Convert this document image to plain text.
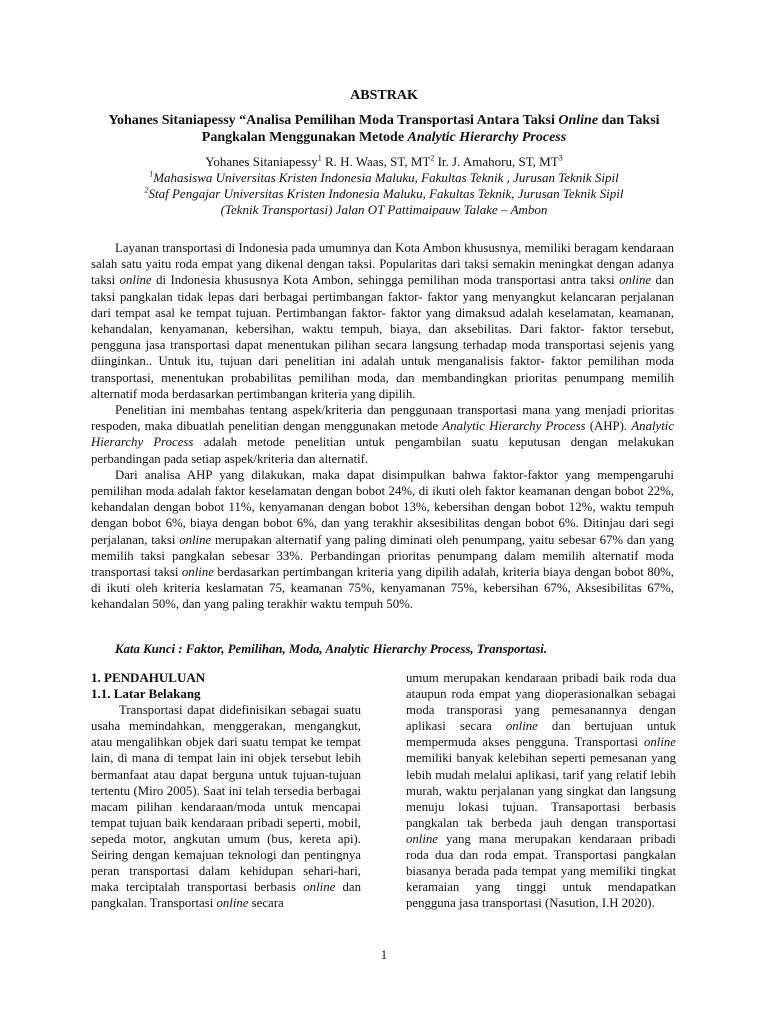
ABSTRAK
Yohanes Sitaniapessy “Analisa Pemilihan Moda Transportasi Antara Taksi Online dan Taksi Pangkalan Menggunakan Metode Analytic Hierarchy Process
Yohanes Sitaniapessy$^1$ R. H. Waas, ST, $MT^2$ Ir. J. Amahoru, ST, $MT^3$
$^1$Mahasiswa Universitas Kristen Indonesia Maluku, Fakultas Teknik , Jurusan Teknik Sipil
$^2$Staf Pengajar Universitas Kristen Indonesia Maluku, Fakultas Teknik, Jurusan Teknik Sipil
(Teknik Transportasi) Jalan OT Pattimaipauw Talake – Ambon

Layanan transportasi di Indonesia pada umumnya dan Kota Ambon khususnya, memiliki beragam kendaraan salah satu yaitu roda empat yang dikenal dengan taksi. Popularitas dari taksi semakin meningkat dengan adanya taksi online di Indonesia khususnya Kota Ambon, sehingga pemilihan moda transportasi antra taksi online dan taksi pangkalan tidak lepas dari berbagai pertimbangan faktor- faktor yang menyangkut kelancaran perjalanan dari tempat asal ke tempat tujuan. Pertimbangan faktor- faktor yang dimaksud adalah keselamatan, keamanan, kehandalan, kenyamanan, kebersihan, waktu tempuh, biaya, dan aksebilitas. Dari faktor- faktor tersebut, pengguna jasa transportasi dapat menentukan pilihan secara langsung terhadap moda transportasi sejenis yang diinginkan.. Untuk itu, tujuan dari penelitian ini adalah untuk menganalisis faktor- faktor pemilihan moda transportasi, menentukan probabilitas pemilihan moda, dan membandingkan prioritas penumpang memilih alternatif moda berdasarkan pertimbangan kriteria yang dipilih.

Penelitian ini membahas tentang aspek/kriteria dan penggunaan transportasi mana yang menjadi prioritas respoden, maka dibuatlah penelitian dengan menggunakan metode Analytic Hierarchy Process (AHP). Analytic Hierarchy Process adalah metode penelitian untuk pengambilan suatu keputusan dengan melakukan perbandingan pada setiap aspek/kriteria dan alternatif.

Dari analisa AHP yang dilakukan, maka dapat disimpulkan bahwa faktor-faktor yang mempengaruhi pemilihan moda adalah faktor keselamatan dengan bobot 24%, di ikuti oleh faktor keamanan dengan bobot 22%, kehandalan dengan bobot 11%, kenyamanan dengan bobot 13%, kebersihan dengan bobot 12%, waktu tempuh dengan bobot 6%, biaya dengan bobot 6%, dan yang terakhir aksesibilitas dengan bobot 6%. Ditinjau dari segi perjalanan, taksi online merupakan alternatif yang paling diminati oleh penumpang, yaitu sebesar 67% dan yang memilih taksi pangkalan sebesar 33%. Perbandingan prioritas penumpang dalam memilih alternatif moda transportasi taksi online berdasarkan pertimbangan kriteria yang dipilih adalah, kriteria biaya dengan bobot 80%, di ikuti oleh kriteria keslamatan 75, keamanan 75%, kenyamanan 75%, kebersihan 67%, Aksesibilitas 67%, kehandalan 50%, dan yang paling terakhir waktu tempuh 50%.

Kata Kunci : Faktor, Pemilihan, Moda, Analytic Hierarchy Process, Transportasi.

1. PENDAHULUAN

1.1. Latar Belakang

Transportasi dapat didefinisikan sebagai suatu usaha memindahkan, menggerakan, mengangkut, atau mengalihkan objek dari suatu tempat ke tempat lain, di mana di tempat lain ini objek tersebut lebih bermanfaat atau dapat berguna untuk tujuan-tujuan tertentu (Miro 2005). Saat ini telah tersedia berbagai macam pilihan kendaraan/moda untuk mencapai tempat tujuan baik kendaraan pribadi seperti, mobil, sepeda motor, angkutan umum (bus, kereta api). Seiring dengan kemajuan teknologi dan pentingnya peran transportasi dalam kehidupan sehari-hari, maka terciptalah transportasi berbasis online dan pangkalan. Transportasi online secara

umum merupakan kendaraan pribadi baik roda dua ataupun roda empat yang dioperasionalkan sebagai moda transporasi yang pemesanannya dengan aplikasi secara online dan bertujuan untuk mempermuda akses pengguna. Transportasi online memiliki banyak kelebihan seperti pemesanan yang lebih mudah melalui aplikasi, tarif yang relatif lebih murah, waktu perjalanan yang singkat dan langsung menuju lokasi tujuan. Transaportasi berbasis pangkalan tak berbeda jauh dengan transportasi online yang mana merupakan kendaraan pribadi roda dua dan roda empat. Transportasi pangkalan biasanya berada pada tempat yang memiliki tingkat keramaian yang tinggi untuk mendapatkan pengguna jasa transportasi (Nasution, I.H 2020).

1
